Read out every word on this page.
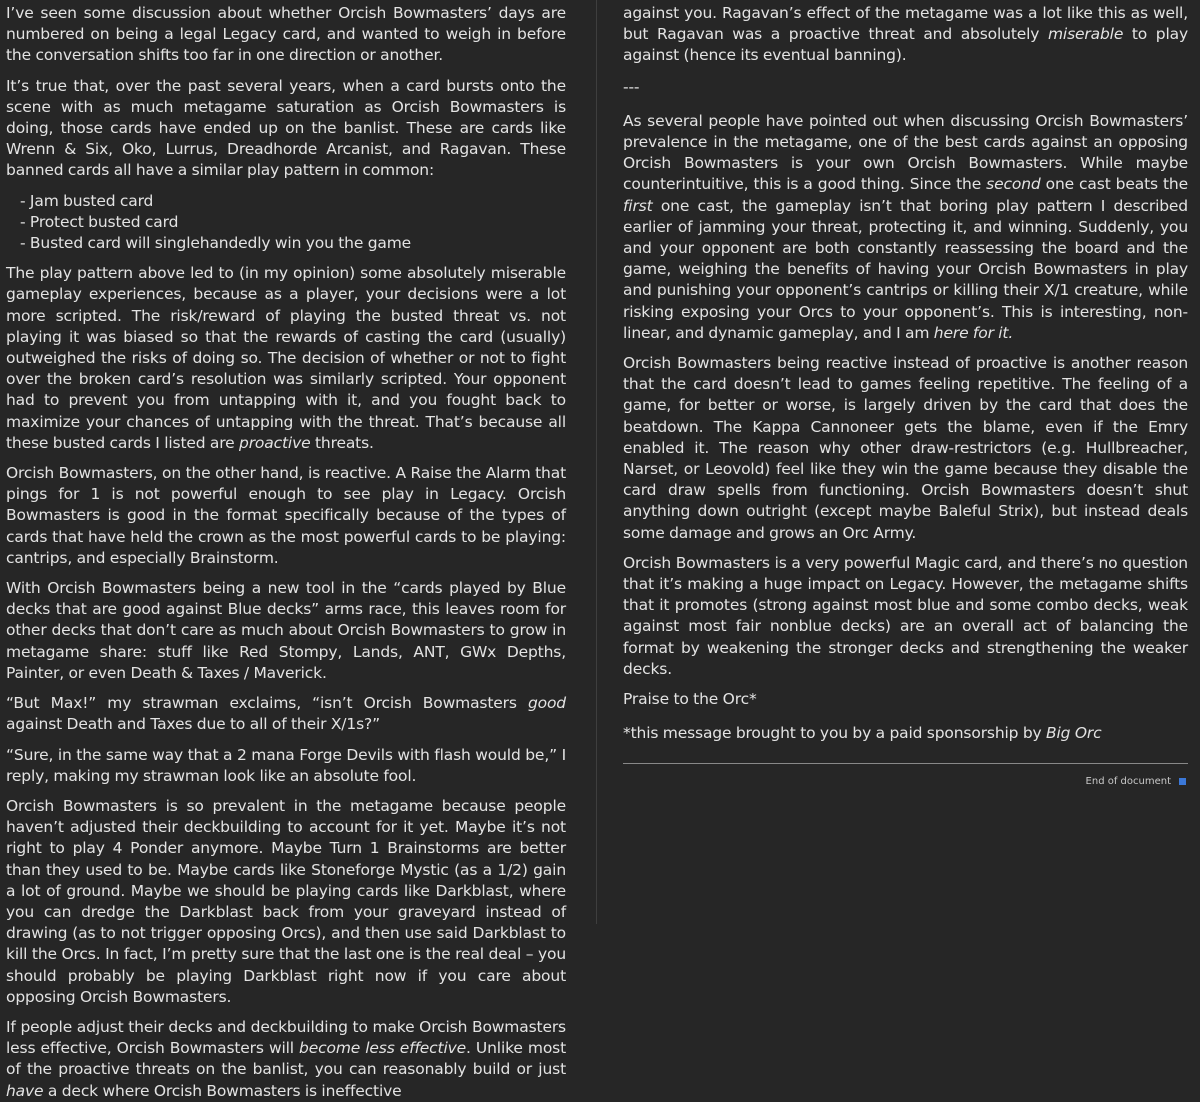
I’ve seen some discussion about whether Orcish Bowmasters’ days are numbered on being a legal Legacy card, and wanted to weigh in before the conversation shifts too far in one direction or another.

It’s true that, over the past several years, when a card bursts onto the scene with as much metagame saturation as Orcish Bowmasters is doing, those cards have ended up on the banlist. These are cards like Wrenn & Six, Oko, Lurrus, Dreadhorde Arcanist, and Ragavan. These banned cards all have a similar play pattern in common:

- Jam busted card

- Protect busted card

- Busted card will singlehandedly win you the game

The play pattern above led to (in my opinion) some absolutely miserable gameplay experiences, because as a player, your decisions were a lot more scripted. The risk/reward of playing the busted threat vs. not playing it was biased so that the rewards of casting the card (usually) outweighed the risks of doing so. The decision of whether or not to fight over the broken card’s resolution was similarly scripted. Your opponent had to prevent you from untapping with it, and you fought back to maximize your chances of untapping with the threat. That’s because all these busted cards I listed are proactive threats.

Orcish Bowmasters, on the other hand, is reactive. A Raise the Alarm that pings for 1 is not powerful enough to see play in Legacy. Orcish Bowmasters is good in the format specifically because of the types of cards that have held the crown as the most powerful cards to be playing: cantrips, and especially Brainstorm.

With Orcish Bowmasters being a new tool in the “cards played by Blue decks that are good against Blue decks” arms race, this leaves room for other decks that don’t care as much about Orcish Bowmasters to grow in metagame share: stuff like Red Stompy, Lands, ANT, GWx Depths, Painter, or even Death & Taxes / Maverick.

“But Max!” my strawman exclaims, “isn’t Orcish Bowmasters good against Death and Taxes due to all of their X/1s?”

“Sure, in the same way that a 2 mana Forge Devils with flash would be,” I reply, making my strawman look like an absolute fool.

Orcish Bowmasters is so prevalent in the metagame because people haven’t adjusted their deckbuilding to account for it yet. Maybe it’s not right to play 4 Ponder anymore. Maybe Turn 1 Brainstorms are better than they used to be. Maybe cards like Stoneforge Mystic (as a 1/2) gain a lot of ground. Maybe we should be playing cards like Darkblast, where you can dredge the Darkblast back from your graveyard instead of drawing (as to not trigger opposing Orcs), and then use said Darkblast to kill the Orcs. In fact, I’m pretty sure that the last one is the real deal – you should probably be playing Darkblast right now if you care about opposing Orcish Bowmasters.

If people adjust their decks and deckbuilding to make Orcish Bowmasters less effective, Orcish Bowmasters will become less effective. Unlike most of the proactive threats on the banlist, you can reasonably build or just have a deck where Orcish Bowmasters is ineffective

against you. Ragavan’s effect of the metagame was a lot like this as well, but Ragavan was a proactive threat and absolutely miserable to play against (hence its eventual banning).

---

As several people have pointed out when discussing Orcish Bowmasters’ prevalence in the metagame, one of the best cards against an opposing Orcish Bowmasters is your own Orcish Bowmasters. While maybe counterintuitive, this is a good thing. Since the second one cast beats the first one cast, the gameplay isn’t that boring play pattern I described earlier of jamming your threat, protecting it, and winning. Suddenly, you and your opponent are both constantly reassessing the board and the game, weighing the benefits of having your Orcish Bowmasters in play and punishing your opponent’s cantrips or killing their X/1 creature, while risking exposing your Orcs to your opponent’s. This is interesting, non-linear, and dynamic gameplay, and I am here for it.

Orcish Bowmasters being reactive instead of proactive is another reason that the card doesn’t lead to games feeling repetitive. The feeling of a game, for better or worse, is largely driven by the card that does the beatdown. The Kappa Cannoneer gets the blame, even if the Emry enabled it. The reason why other draw-restrictors (e.g. Hullbreacher, Narset, or Leovold) feel like they win the game because they disable the card draw spells from functioning. Orcish Bowmasters doesn’t shut anything down outright (except maybe Baleful Strix), but instead deals some damage and grows an Orc Army.

Orcish Bowmasters is a very powerful Magic card, and there’s no question that it’s making a huge impact on Legacy. However, the metagame shifts that it promotes (strong against most blue and some combo decks, weak against most fair nonblue decks) are an overall act of balancing the format by weakening the stronger decks and strengthening the weaker decks.

Praise to the Orc*

*this message brought to you by a paid sponsorship by Big Orc

End of document
